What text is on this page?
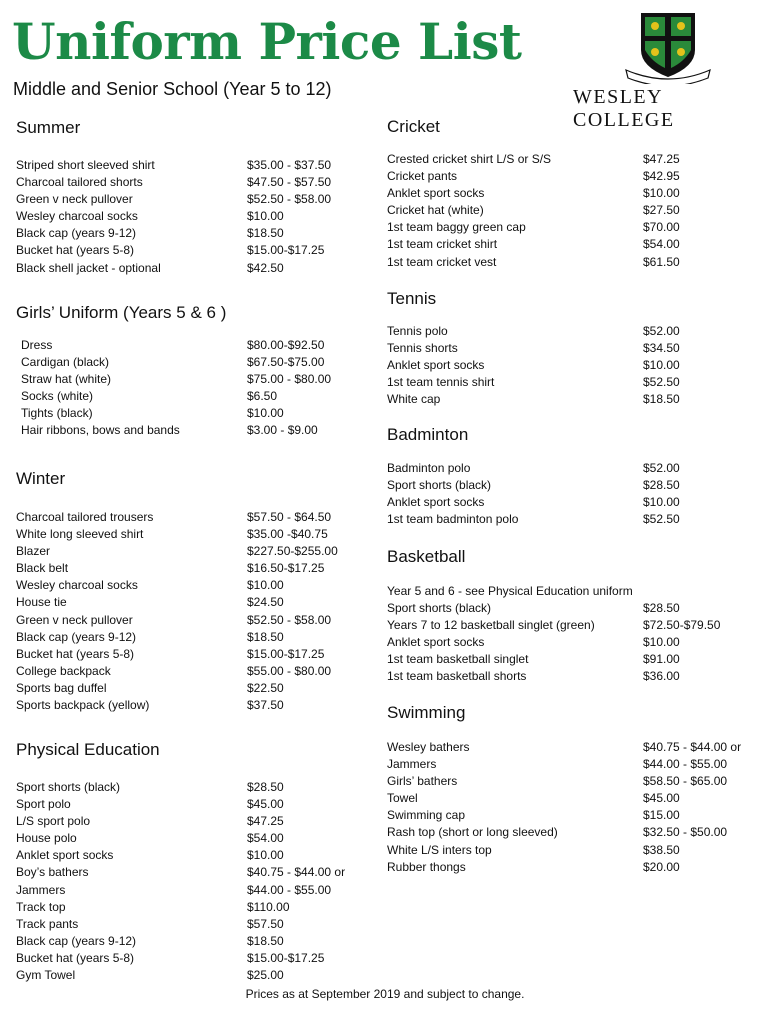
Uniform Price List

Middle and Senior School (Year 5 to 12)	WESLEY COLLEGE
Summer
Striped short sleeved shirt	$35.00 - $37.50
Charcoal tailored shorts	$47.50 - $57.50
Green v neck pullover	$52.50 - $58.00
Wesley charcoal socks	$10.00
Black cap (years 9-12)	$18.50
Bucket hat (years 5-8)	$15.00-$17.25
Black shell jacket - optional	$42.50
Girls’ Uniform (Years 5 & 6 )
Dress	$80.00-$92.50
Cardigan (black)	$67.50-$75.00
Straw hat (white)	$75.00 - $80.00
Socks (white)	$6.50
Tights (black)	$10.00
Hair ribbons, bows and bands	$3.00 - $9.00
Winter
Charcoal tailored trousers	$57.50 - $64.50
White long sleeved shirt	$35.00 -$40.75
Blazer	$227.50-$255.00
Black belt	$16.50-$17.25
Wesley charcoal socks	$10.00
House tie	$24.50
Green v neck pullover	$52.50 - $58.00
Black cap (years 9-12)	$18.50
Bucket hat (years 5-8)	$15.00-$17.25
College backpack	$55.00 - $80.00
Sports bag duffel	$22.50
Sports backpack (yellow)	$37.50
Physical Education
Sport shorts (black)	$28.50
Sport polo	$45.00
L/S sport polo	$47.25
House polo	$54.00
Anklet sport socks	$10.00
Boy’s bathers	$40.75 - $44.00 or
Jammers	$44.00 - $55.00
Track top	$110.00
Track pants	$57.50
Black cap (years 9-12)	$18.50
Bucket hat (years 5-8)	$15.00-$17.25
Gym Towel	$25.00
Cricket
Crested cricket shirt L/S or S/S	$47.25
Cricket pants	$42.95
Anklet sport socks	$10.00
Cricket hat (white)	$27.50
1st team baggy green cap	$70.00
1st team cricket shirt	$54.00
1st team cricket vest	$61.50
Tennis
Tennis polo	$52.00
Tennis shorts	$34.50
Anklet sport socks	$10.00
1st team tennis shirt	$52.50
White cap	$18.50
Badminton
Badminton polo	$52.00
Sport shorts (black)	$28.50
Anklet sport socks	$10.00
1st team badminton polo	$52.50
Basketball
Year 5 and 6 - see Physical Education uniform
Sport shorts (black)	$28.50
Years 7 to 12 basketball singlet (green)	$72.50-$79.50
Anklet sport socks	$10.00
1st team basketball singlet	$91.00
1st team basketball shorts	$36.00
Swimming
Wesley bathers	$40.75 - $44.00 or
Jammers	$44.00 - $55.00
Girls’ bathers	$58.50 - $65.00
Towel	$45.00
Swimming cap	$15.00
Rash top (short or long sleeved)	$32.50 - $50.00
White L/S inters top	$38.50
Rubber thongs	$20.00

Prices as at September 2019 and subject to change.
